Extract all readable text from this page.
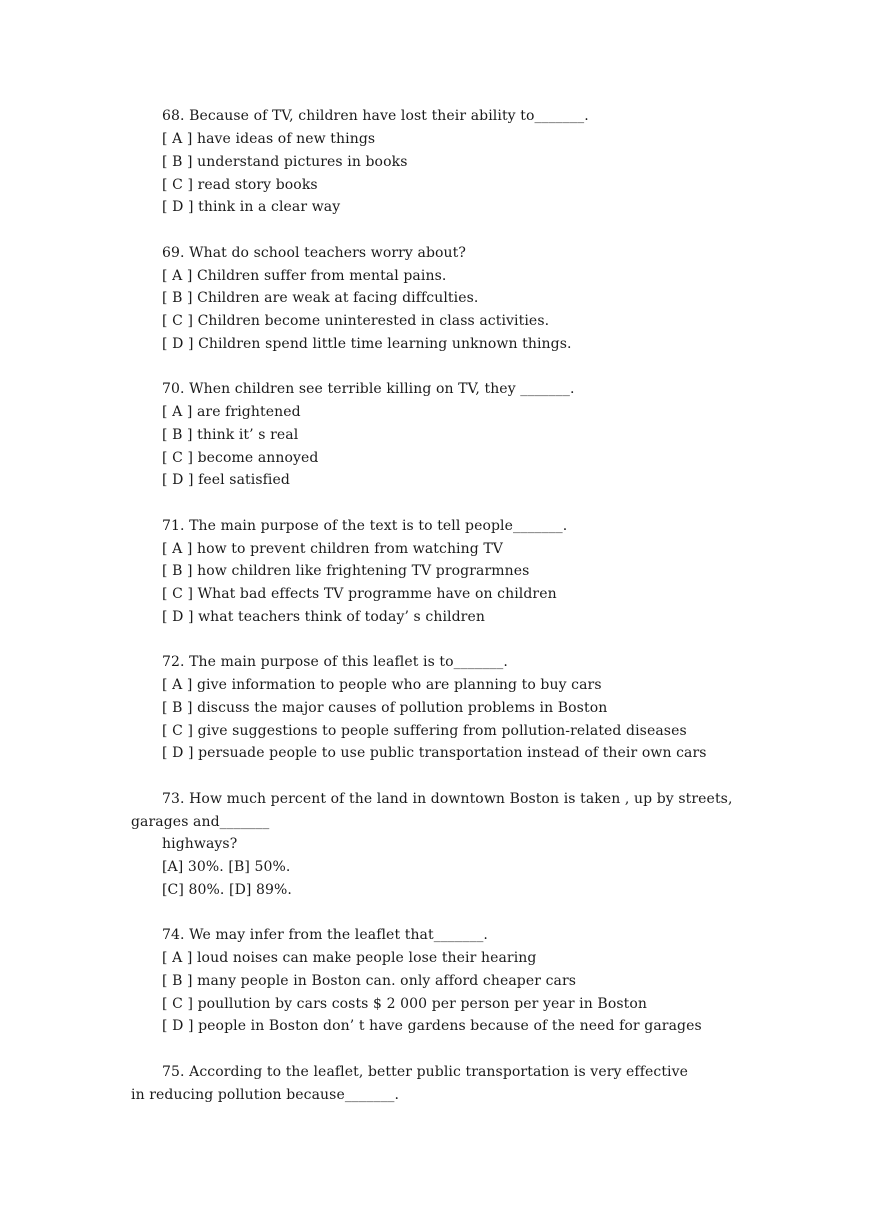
68. Because of TV, children have lost their ability to_______.
[ A ] have ideas of new things
[ B ] understand pictures in books
[ C ] read story books
[ D ] think in a clear way
69. What do school teachers worry about?
[ A ] Children suffer from mental pains.
[ B ] Children are weak at facing diffculties.
[ C ] Children become uninterested in class activities.
[ D ] Children spend little time learning unknown things.
70. When children see terrible killing on TV, they _______.
[ A ] are frightened
[ B ] think it’ s real
[ C ] become annoyed
[ D ] feel satisfied
71. The main purpose of the text is to tell people_______.
[ A ] how to prevent children from watching TV
[ B ] how children like frightening TV prograrmnes
[ C ] What bad effects TV programme have on children
[ D ] what teachers think of today’ s children
72. The main purpose of this leaflet is to_______.
[ A ] give information to people who are planning to buy cars
[ B ] discuss the major causes of pollution problems in Boston
[ C ] give suggestions to people suffering from pollution-related diseases
[ D ] persuade people to use public transportation instead of their own cars
73. How much percent of the land in downtown Boston is taken , up by streets,
garages and_______
highways?
[A] 30%. [B] 50%.
[C] 80%. [D] 89%.
74. We may infer from the leaflet that_______.
[ A ] loud noises can make people lose their hearing
[ B ] many people in Boston can. only afford cheaper cars
[ C ] poullution by cars costs $ 2 000 per person per year in Boston
[ D ] people in Boston don’ t have gardens because of the need for garages
75. According to the leaflet, better public transportation is very effective
in reducing pollution because_______.
